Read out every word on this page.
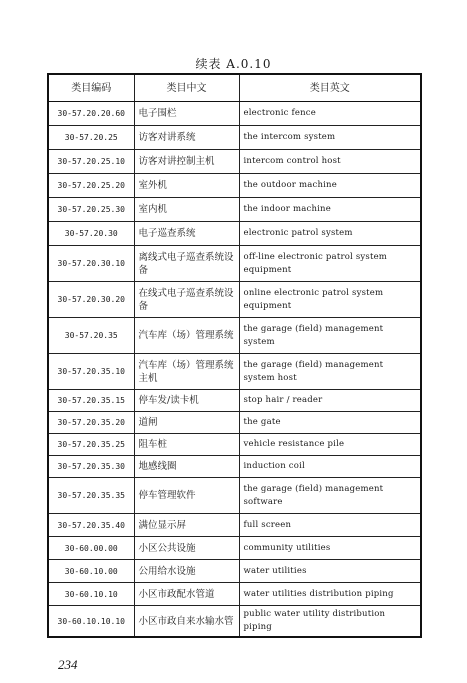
续表 A.0.10
类目编码	类目中文	类目英文
30-57.20.20.60	电子围栏	electronic fence
30-57.20.25	访客对讲系统	the intercom system
30-57.20.25.10	访客对讲控制主机	intercom control host
30-57.20.25.20	室外机	the outdoor machine
30-57.20.25.30	室内机	the indoor machine
30-57.20.30	电子巡查系统	electronic patrol system
30-57.20.30.10	离线式电子巡查系统设备	off-line electronic patrol system equipment
30-57.20.30.20	在线式电子巡查系统设备	online electronic patrol system equipment
30-57.20.35	汽车库（场）管理系统	the garage (field) management system
30-57.20.35.10	汽车库（场）管理系统主机	the garage (field) management system host
30-57.20.35.15	停车发/读卡机	stop hair / reader
30-57.20.35.20	道闸	the gate
30-57.20.35.25	阻车桩	vehicle resistance pile
30-57.20.35.30	地感线圈	induction coil
30-57.20.35.35	停车管理软件	the garage (field) management software
30-57.20.35.40	满位显示屏	full screen
30-60.00.00	小区公共设施	community utilities
30-60.10.00	公用给水设施	water utilities
30-60.10.10	小区市政配水管道	water utilities distribution piping
30-60.10.10.10	小区市政自来水输水管	public water utility distribution piping
234
